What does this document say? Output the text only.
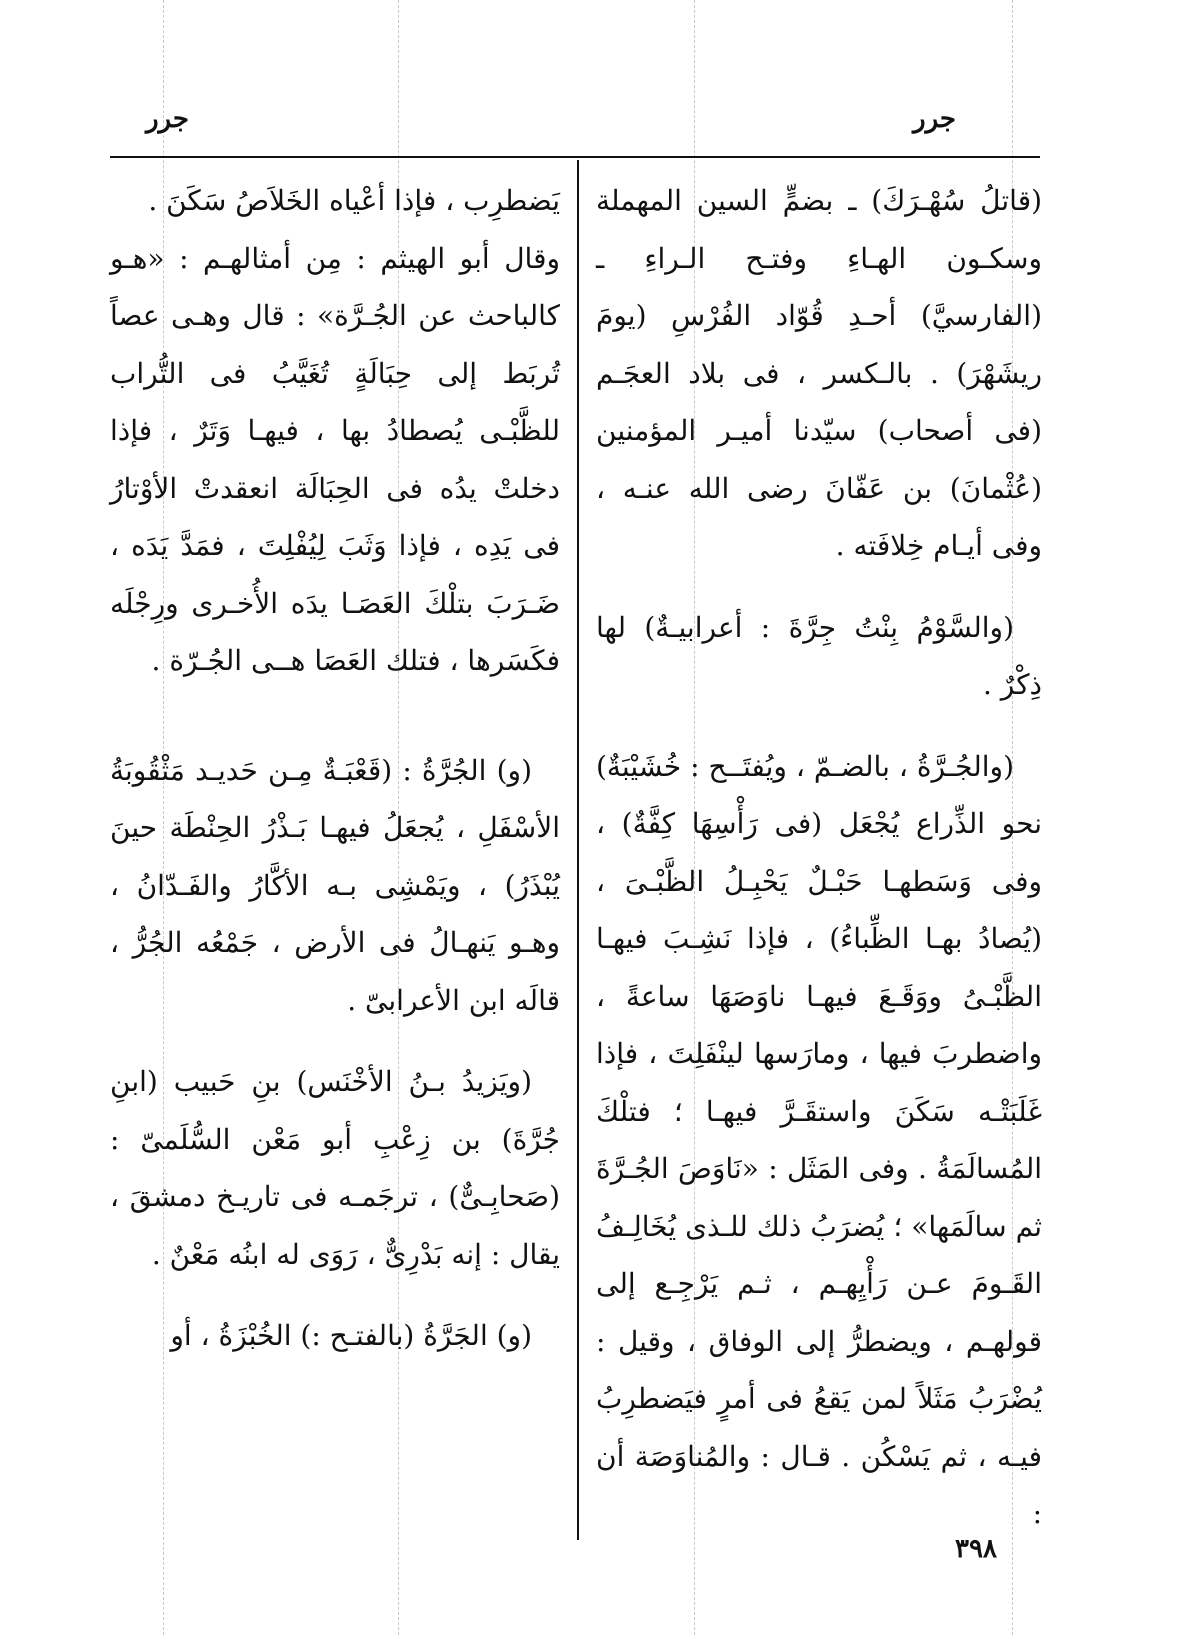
جرر
جرر

(قاتلُ سُهْـرَكَ) ـ بضمٍّ السين المهملة وسكـون الهـاءِ وفتـح الـراءِ ـ (الفارسيَّ) أحـدِ قُوّاد الفُرْسِ (يومَ ريشَهْرَ) . بالـكسر ، فى بلاد العجَـم (فى أصحاب) سيّدنا أميـر المؤمنين (عُثْمانَ) بن عَفّانَ رضى الله عنـه ، وفى أيـام خِلافَته .

(والسَّوْمُ بِنْتُ جِرَّةَ : أعرابيـةٌ) لها ذِكْرٌ .

(والجُـرَّةُ ، بالضـمّ ، ويُفتَــح : خُشَيْبَةٌ) نحو الذِّراع يُجْعَل (فى رَأْسِهَا كِفَّةٌ) ، وفى وَسَطهـا حَبْـلٌ يَحْبِـلُ الظَّبْـىَ ، (يُصادُ بهـا الظِّباءُ) ، فإذا نَشِـبَ فيهـا الظَّبْـىُ ووَقَـعَ فيهـا ناوَصَهَا ساعةً ، واضطربَ فيها ، ومارَسها لينْفَلِتَ ، فإذا غَلَبَتْـه سَكَنَ واستقَـرَّ فيهـا ؛ فتلْكَ المُسالَمَةُ . وفى المَثَل : «نَاوَصَ الجُـرَّةَ ثم سالَمَها» ؛ يُضرَبُ ذلك للـذى يُخَالِـفُ القَـومَ عـن رَأْيِهـم ، ثـم يَرْجِـع إلى قولهـم ، ويضطرُّ إلى الوفاق ، وقيل : يُضْرَبُ مَثَلاً لمن يَقعُ فى أمرٍ فيَضطرِبُ فيـه ، ثم يَسْكُن . قـال : والمُناوَصَة أن :

يَضطرِب ، فإذا أعْياه الخَلاَصُ سَكَنَ .

وقال أبو الهيثم : مِن أمثالهـم : «هـو كالباحث عن الجُـرَّة» : قال وهـى عصاً تُربَط إلى حِبَالَةٍ تُغَيَّبُ فى التُّراب للظَّبْـى يُصطادُ بها ، فيهـا وَتَرٌ ، فإذا دخلتْ يدُه فى الحِبَالَة انعقدتْ الأوْتارُ فى يَدِه ، فإذا وَثَبَ لِيُفْلِتَ ، فمَدَّ يَدَه ، ضَـرَبَ بتلْكَ العَصَـا يدَه الأُخـرى ورِجْلَه فكَسَرها ، فتلك العَصَا هــى الجُـرّة .

(و) الجُرَّةُ : (قَعْبَـةٌ مِـن حَديـد مَثْقُوبَةُ الأسْفَلِ ، يُجعَلُ فيهـا بَـذْرُ الحِنْطَة حينَ يُبْذَرُ) ، ويَمْشِى بـه الأكَّارُ والفَـدّانُ ، وهـو يَنهـالُ فى الأرض ، جَمْعُه الجُرُّ ، قالَه ابن الأعرابىّ .

(ويَزيدُ بـنُ الأخْنَس) بنِ حَبيب (ابنِ جُرَّةَ) بن زِعْبِ أبو مَعْن السُّلَمىّ : (صَحابِـىٌّ) ، ترجَمـه فى تاريـخ دمشقَ ، يقال : إنه بَدْرِىٌّ ، رَوَى له ابنُه مَعْنٌ .

(و) الجَرَّةُ (بالفتـح :) الخُبْزَةُ ، أو

٣٩٨
